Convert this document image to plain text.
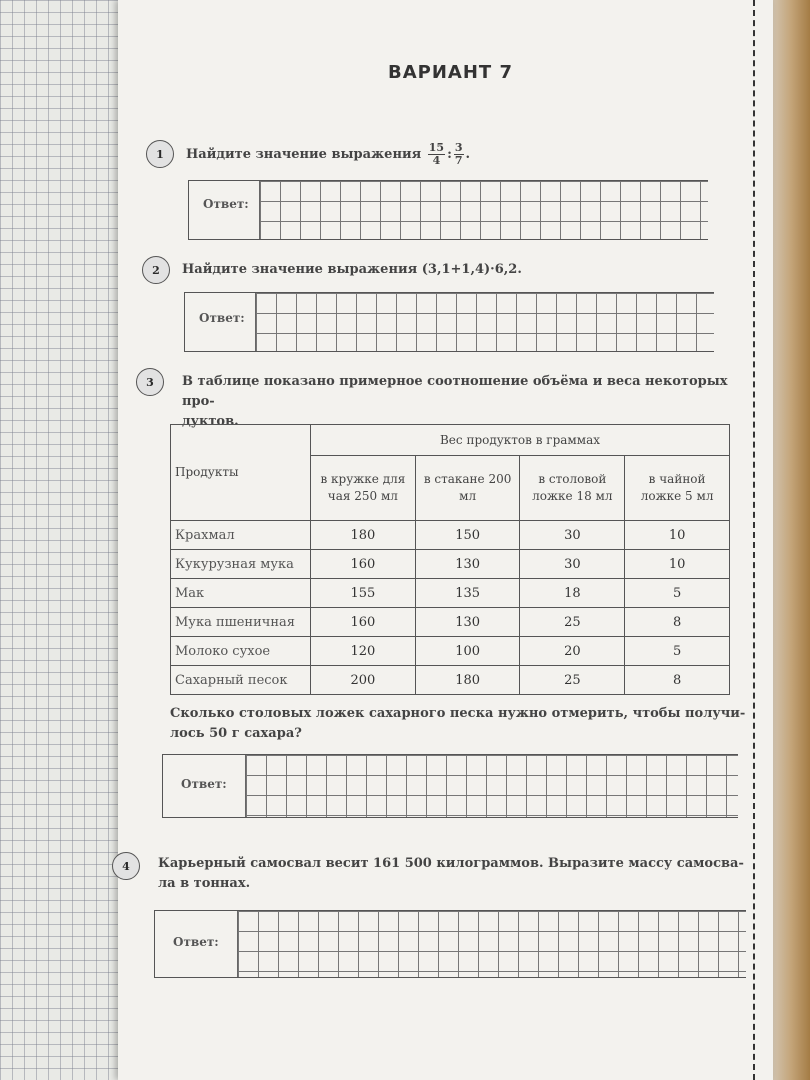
ВАРИАНТ 7
1	Найдите значение выражения $\frac{15}{4}$ : $\frac{3}{7}$ .
Ответ:
2	Найдите значение выражения (3,1+1,4)·6,2.
Ответ:
3	В таблице показано примерное соотношение объёма и веса некоторых про-
дуктов.
Продукты	Вес продуктов в граммах			
	в кружке для чая 250 мл	в стакане 200 мл	в столовой ложке 18 мл	в чайной ложке 5 мл
Крахмал	180	150	30	10
Кукурузная мука	160	130	30	10
Мак	155	135	18	5
Мука пшеничная	160	130	25	8
Молоко сухое	120	100	20	5
Сахарный песок	200	180	25	8
Сколько столовых ложек сахарного песка нужно отмерить, чтобы получи-
лось 50 г сахара?
Ответ:
4	Карьерный самосвал весит 161 500 килограммов. Выразите массу самосва-
ла в тоннах.
Ответ:
